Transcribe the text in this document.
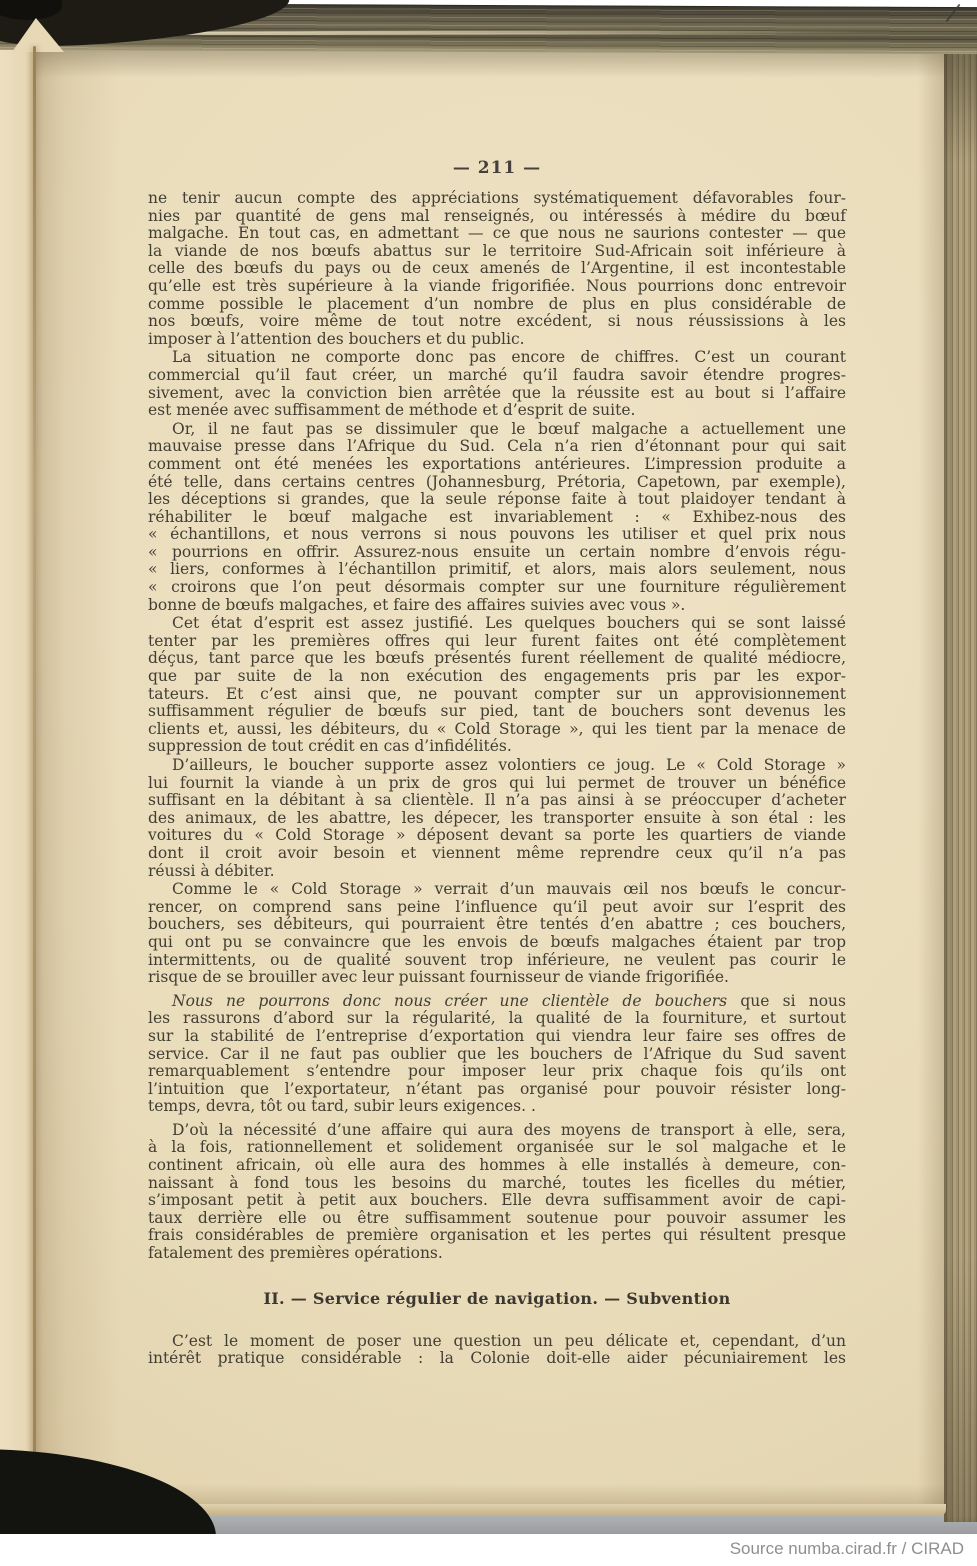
— 211 —
ne tenir aucun compte des appréciations systématiquement défavorables four-
nies par quantité de gens mal renseignés, ou intéressés à médire du bœuf
malgache. En tout cas, en admettant — ce que nous ne saurions contester — que
la viande de nos bœufs abattus sur le territoire Sud-Africain soit inférieure à
celle des bœufs du pays ou de ceux amenés de l’Argentine, il est incontestable
qu’elle est très supérieure à la viande frigorifiée. Nous pourrions donc entrevoir
comme possible le placement d’un nombre de plus en plus considérable de
nos bœufs, voire même de tout notre excédent, si nous réussissions à les
imposer à l’attention des bouchers et du public.
La situation ne comporte donc pas encore de chiffres. C’est un courant
commercial qu’il faut créer, un marché qu’il faudra savoir étendre progres-
sivement, avec la conviction bien arrêtée que la réussite est au bout si l’affaire
est menée avec suffisamment de méthode et d’esprit de suite.
Or, il ne faut pas se dissimuler que le bœuf malgache a actuellement une
mauvaise presse dans l’Afrique du Sud. Cela n’a rien d’étonnant pour qui sait
comment ont été menées les exportations antérieures. L’impression produite a
été telle, dans certains centres (Johannesburg, Prétoria, Capetown, par exemple),
les déceptions si grandes, que la seule réponse faite à tout plaidoyer tendant à
réhabiliter le bœuf malgache est invariablement : « Exhibez-nous des
« échantillons, et nous verrons si nous pouvons les utiliser et quel prix nous
« pourrions en offrir. Assurez-nous ensuite un certain nombre d’envois régu-
« liers, conformes à l’échantillon primitif, et alors, mais alors seulement, nous
« croirons que l’on peut désormais compter sur une fourniture régulièrement
bonne de bœufs malgaches, et faire des affaires suivies avec vous ».
Cet état d’esprit est assez justifié. Les quelques bouchers qui se sont laissé
tenter par les premières offres qui leur furent faites ont été complètement
déçus, tant parce que les bœufs présentés furent réellement de qualité médiocre,
que par suite de la non exécution des engagements pris par les expor-
tateurs. Et c’est ainsi que, ne pouvant compter sur un approvisionnement
suffisamment régulier de bœufs sur pied, tant de bouchers sont devenus les
clients et, aussi, les débiteurs, du « Cold Storage », qui les tient par la menace de
suppression de tout crédit en cas d’infidélités.
D’ailleurs, le boucher supporte assez volontiers ce joug. Le « Cold Storage »
lui fournit la viande à un prix de gros qui lui permet de trouver un bénéfice
suffisant en la débitant à sa clientèle. Il n’a pas ainsi à se préoccuper d’acheter
des animaux, de les abattre, les dépecer, les transporter ensuite à son étal : les
voitures du « Cold Storage » déposent devant sa porte les quartiers de viande
dont il croit avoir besoin et viennent même reprendre ceux qu’il n’a pas
réussi à débiter.
Comme le « Cold Storage » verrait d’un mauvais œil nos bœufs le concur-
rencer, on comprend sans peine l’influence qu’il peut avoir sur l’esprit des
bouchers, ses débiteurs, qui pourraient être tentés d’en abattre ; ces bouchers,
qui ont pu se convaincre que les envois de bœufs malgaches étaient par trop
intermittents, ou de qualité souvent trop inférieure, ne veulent pas courir le
risque de se brouiller avec leur puissant fournisseur de viande frigorifiée.
Nous ne pourrons donc nous créer une clientèle de bouchers que si nous
les rassurons d’abord sur la régularité, la qualité de la fourniture, et surtout
sur la stabilité de l’entreprise d’exportation qui viendra leur faire ses offres de
service. Car il ne faut pas oublier que les bouchers de l’Afrique du Sud savent
remarquablement s’entendre pour imposer leur prix chaque fois qu’ils ont
l’intuition que l’exportateur, n’étant pas organisé pour pouvoir résister long-
temps, devra, tôt ou tard, subir leurs exigences. .
D’où la nécessité d’une affaire qui aura des moyens de transport à elle, sera,
à la fois, rationnellement et solidement organisée sur le sol malgache et le
continent africain, où elle aura des hommes à elle installés à demeure, con-
naissant à fond tous les besoins du marché, toutes les ficelles du métier,
s’imposant petit à petit aux bouchers. Elle devra suffisamment avoir de capi-
taux derrière elle ou être suffisamment soutenue pour pouvoir assumer les
frais considérables de première organisation et les pertes qui résultent presque
fatalement des premières opérations.
II. — Service régulier de navigation. — Subvention
C’est le moment de poser une question un peu délicate et, cependant, d’un
intérêt pratique considérable : la Colonie doit-elle aider pécuniairement les
Source numba.cirad.fr / CIRAD
